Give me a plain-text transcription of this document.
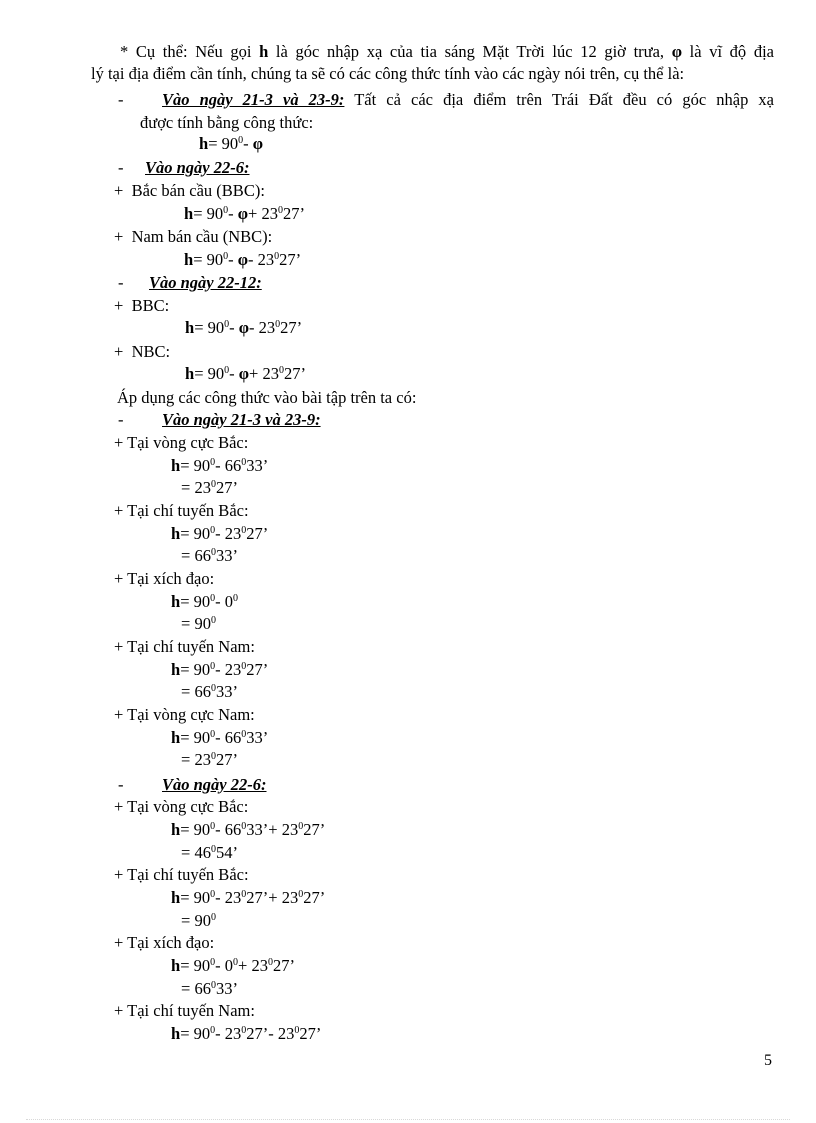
* Cụ thể: Nếu gọi h là góc nhập xạ của tia sáng Mặt Trời lúc 12 giờ trưa, φ là vĩ độ địa
lý tại địa điểm cần tính, chúng ta sẽ có các công thức tính vào các ngày nói trên, cụ thể là:
- Vào ngày 21-3 và 23-9: Tất cả các địa điểm trên Trái Đất đều có góc nhập xạ
được tính bằng công thức:
$h= 90^0-$ φ
- Vào ngày 22-6:
+ Bắc bán cầu (BBC):
$h= 90^0-$ $\varphi+ 23^027$’
+ Nam bán cầu (NBC):
$h= 90^0-$ φ- $23^027$’
- Vào ngày 22-12:
+ BBC:
$h= 90^0-$ φ- $23^027$’
+ NBC:
$h= 90^0-$ $\varphi+ 23^027$’
Áp dụng các công thức vào bài tập trên ta có:
- Vào ngày 21-3 và 23-9:
+ Tại vòng cực Bắc:
$h= 90^0-$ $66^033$’
= $23^027$’
+ Tại chí tuyến Bắc:
$h= 90^0-$ $23^027$’
= $66^033$’
+ Tại xích đạo:
$h= 90^0-$ $0^0$
= $90^0$
+ Tại chí tuyến Nam:
$h= 90^0-$ $23^027$’
= $66^033$’
+ Tại vòng cực Nam:
$h= 90^0-$ $66^033$’
= $23^027$’
- Vào ngày 22-6:
+ Tại vòng cực Bắc:
$h= 90^0-$ $66^033’+ 23^027$’
= $46^054$’
+ Tại chí tuyến Bắc:
$h= 90^0-$ $23^027’+ 23^027$’
= $90^0$
+ Tại xích đạo:
$h= 90^0-$ $0^0+ 23^027$’
= $66^033$’
+ Tại chí tuyến Nam:
$h= 90^0-$ $23^027’-$ $23^027$’
5
